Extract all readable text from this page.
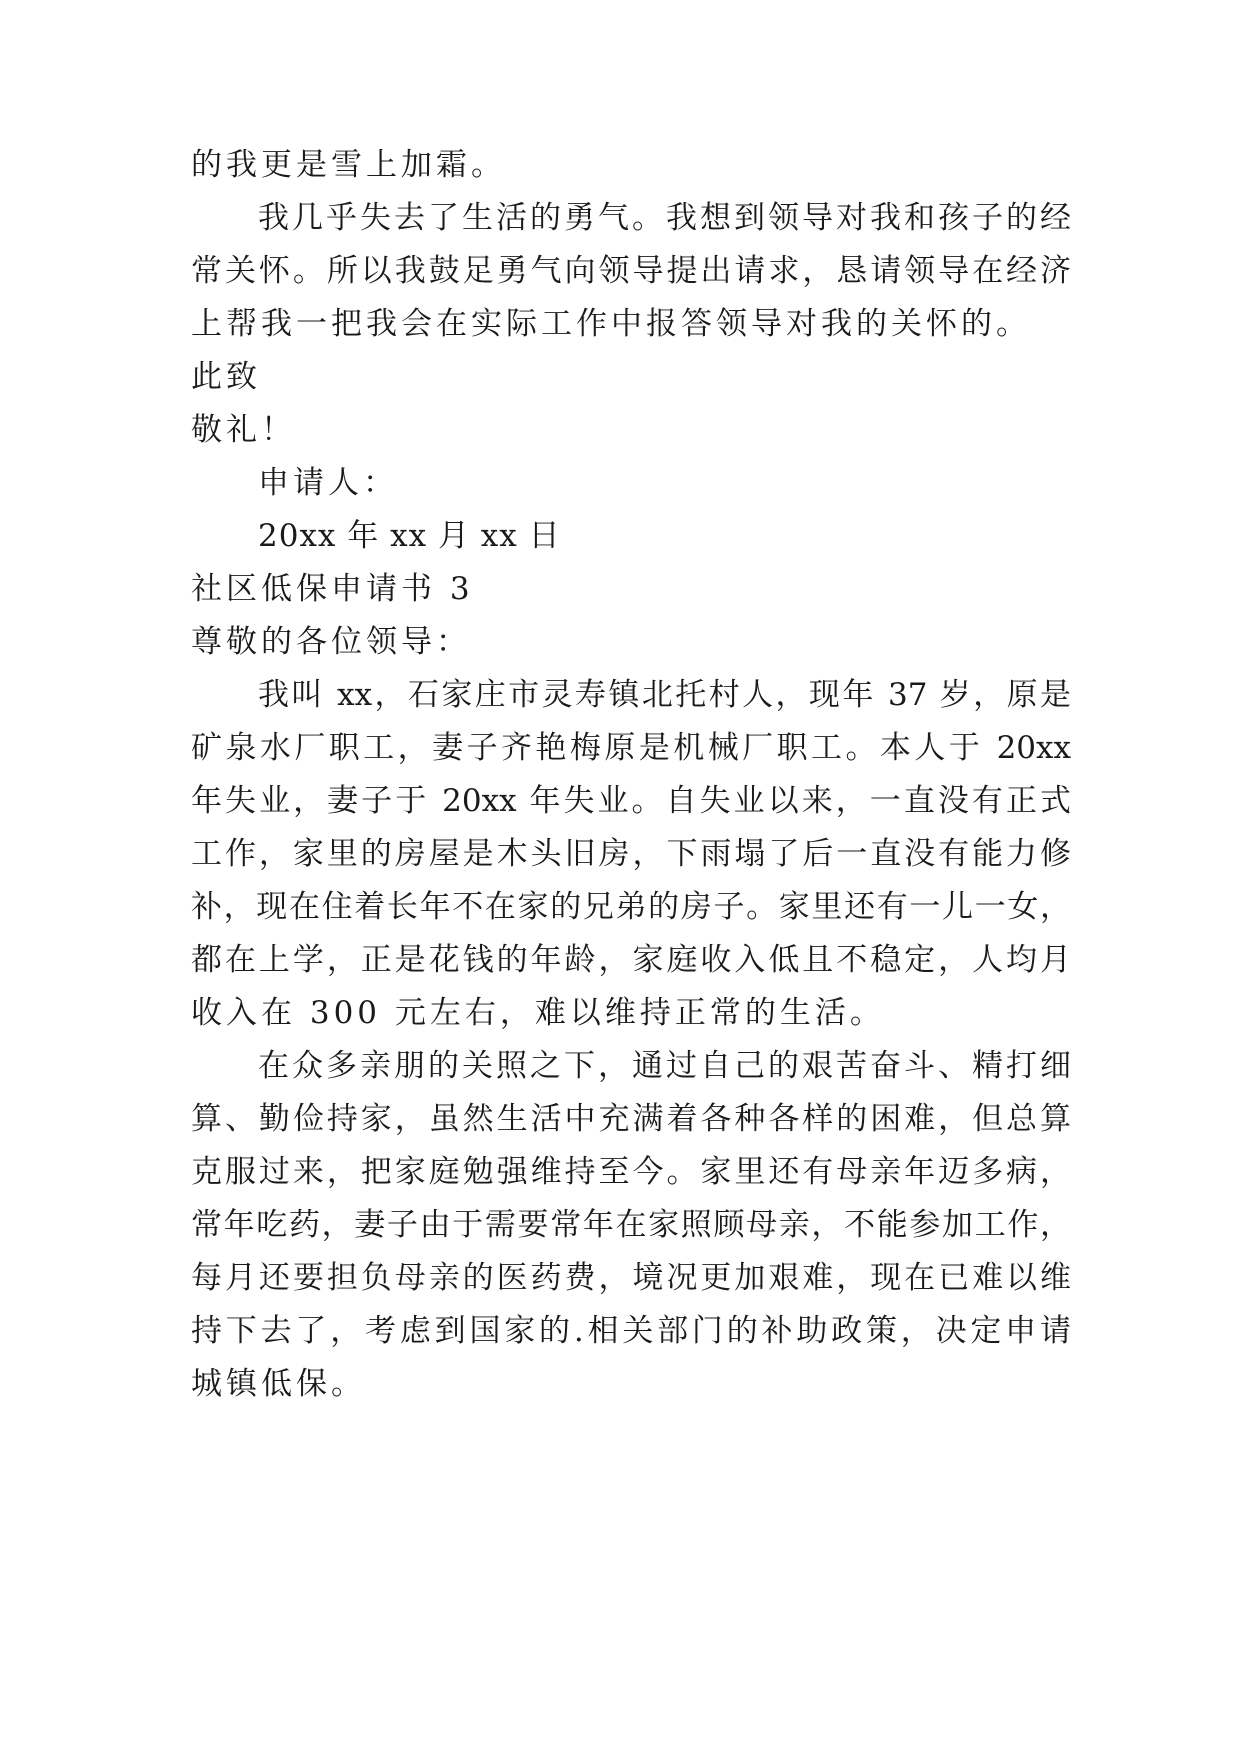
的我更是雪上加霜。
我几乎失去了生活的勇气。我想到领导对我和孩子的经
常关怀。所以我鼓足勇气向领导提出请求，恳请领导在经济
上帮我一把我会在实际工作中报答领导对我的关怀的。
此致
敬礼！
申请人：
20xx 年 xx 月 xx 日
社区低保申请书 3
尊敬的各位领导：
我叫 xx，石家庄市灵寿镇北托村人，现年 37 岁，原是
矿泉水厂职工，妻子齐艳梅原是机械厂职工。本人于 20xx
年失业，妻子于 20xx 年失业。自失业以来，一直没有正式
工作，家里的房屋是木头旧房，下雨塌了后一直没有能力修
补，现在住着长年不在家的兄弟的房子。家里还有一儿一女，
都在上学，正是花钱的年龄，家庭收入低且不稳定，人均月
收入在 300 元左右，难以维持正常的生活。
在众多亲朋的关照之下，通过自己的艰苦奋斗、精打细
算、勤俭持家，虽然生活中充满着各种各样的困难，但总算
克服过来，把家庭勉强维持至今。家里还有母亲年迈多病，
常年吃药，妻子由于需要常年在家照顾母亲，不能参加工作，
每月还要担负母亲的医药费，境况更加艰难，现在已难以维
持下去了，考虑到国家的.相关部门的补助政策，决定申请
城镇低保。
